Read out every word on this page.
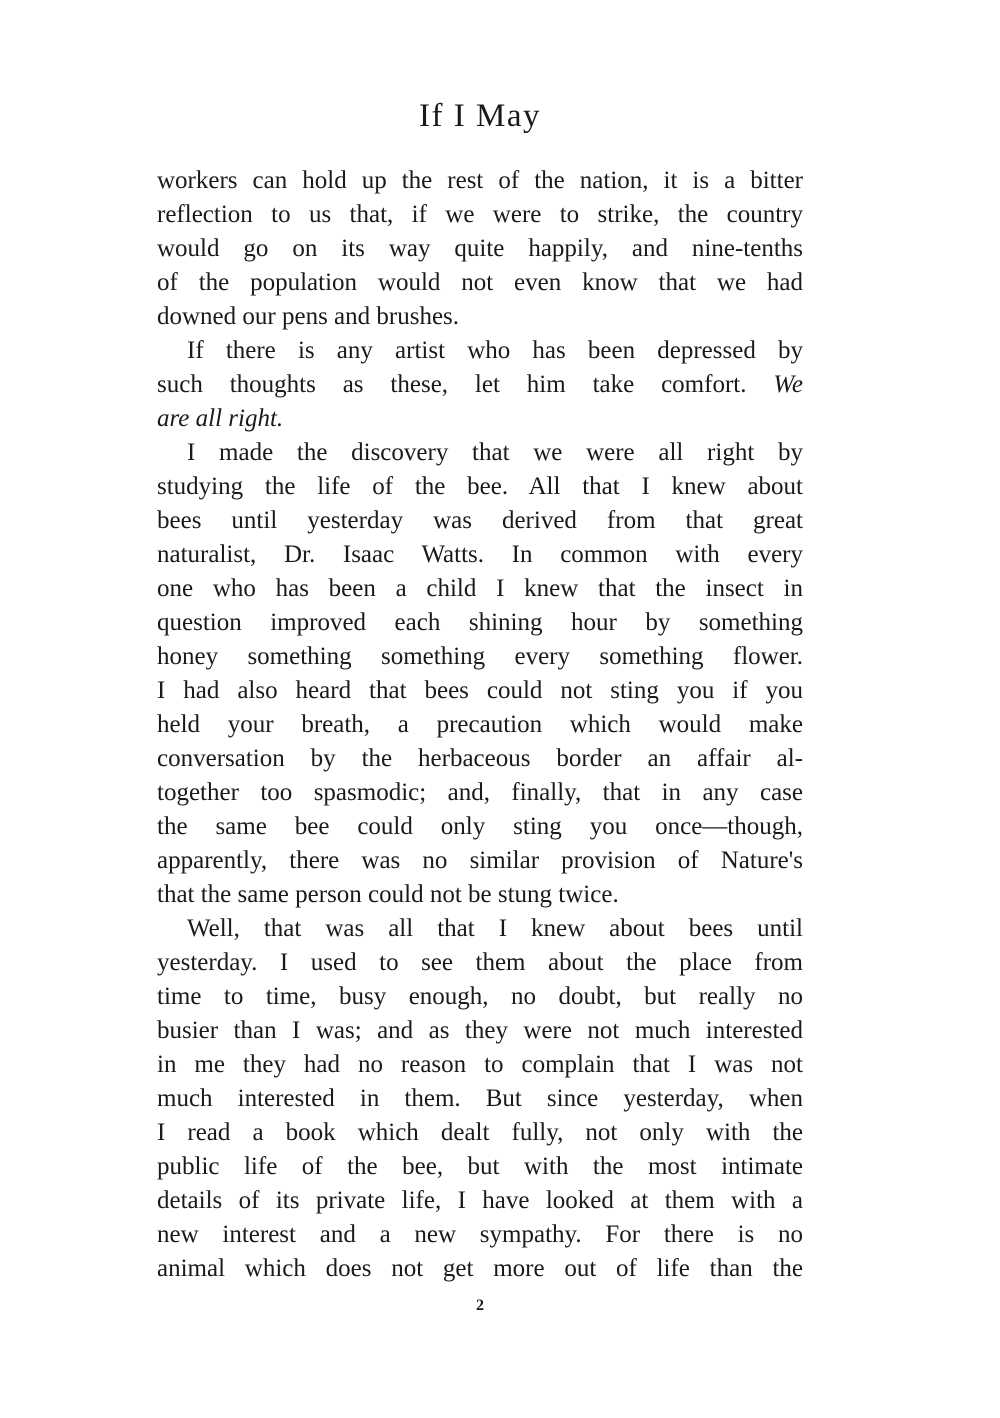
If I May

workers can hold up the rest of the nation, it is a bitter
reflection to us that, if we were to strike, the country
would go on its way quite happily, and nine-tenths
of the population would not even know that we had
downed our pens and brushes.

If there is any artist who has been depressed by
such thoughts as these, let him take comfort. We
are all right.

I made the discovery that we were all right by
studying the life of the bee. All that I knew about
bees until yesterday was derived from that great
naturalist, Dr. Isaac Watts. In common with every
one who has been a child I knew that the insect in
question improved each shining hour by something
honey something something every something flower.
I had also heard that bees could not sting you if you
held your breath, a precaution which would make
conversation by the herbaceous border an affair al-
together too spasmodic; and, finally, that in any case
the same bee could only sting you once—though,
apparently, there was no similar provision of Nature's
that the same person could not be stung twice.

Well, that was all that I knew about bees until
yesterday. I used to see them about the place from
time to time, busy enough, no doubt, but really no
busier than I was; and as they were not much interested
in me they had no reason to complain that I was not
much interested in them. But since yesterday, when
I read a book which dealt fully, not only with the
public life of the bee, but with the most intimate
details of its private life, I have looked at them with a
new interest and a new sympathy. For there is no
animal which does not get more out of life than the

2
